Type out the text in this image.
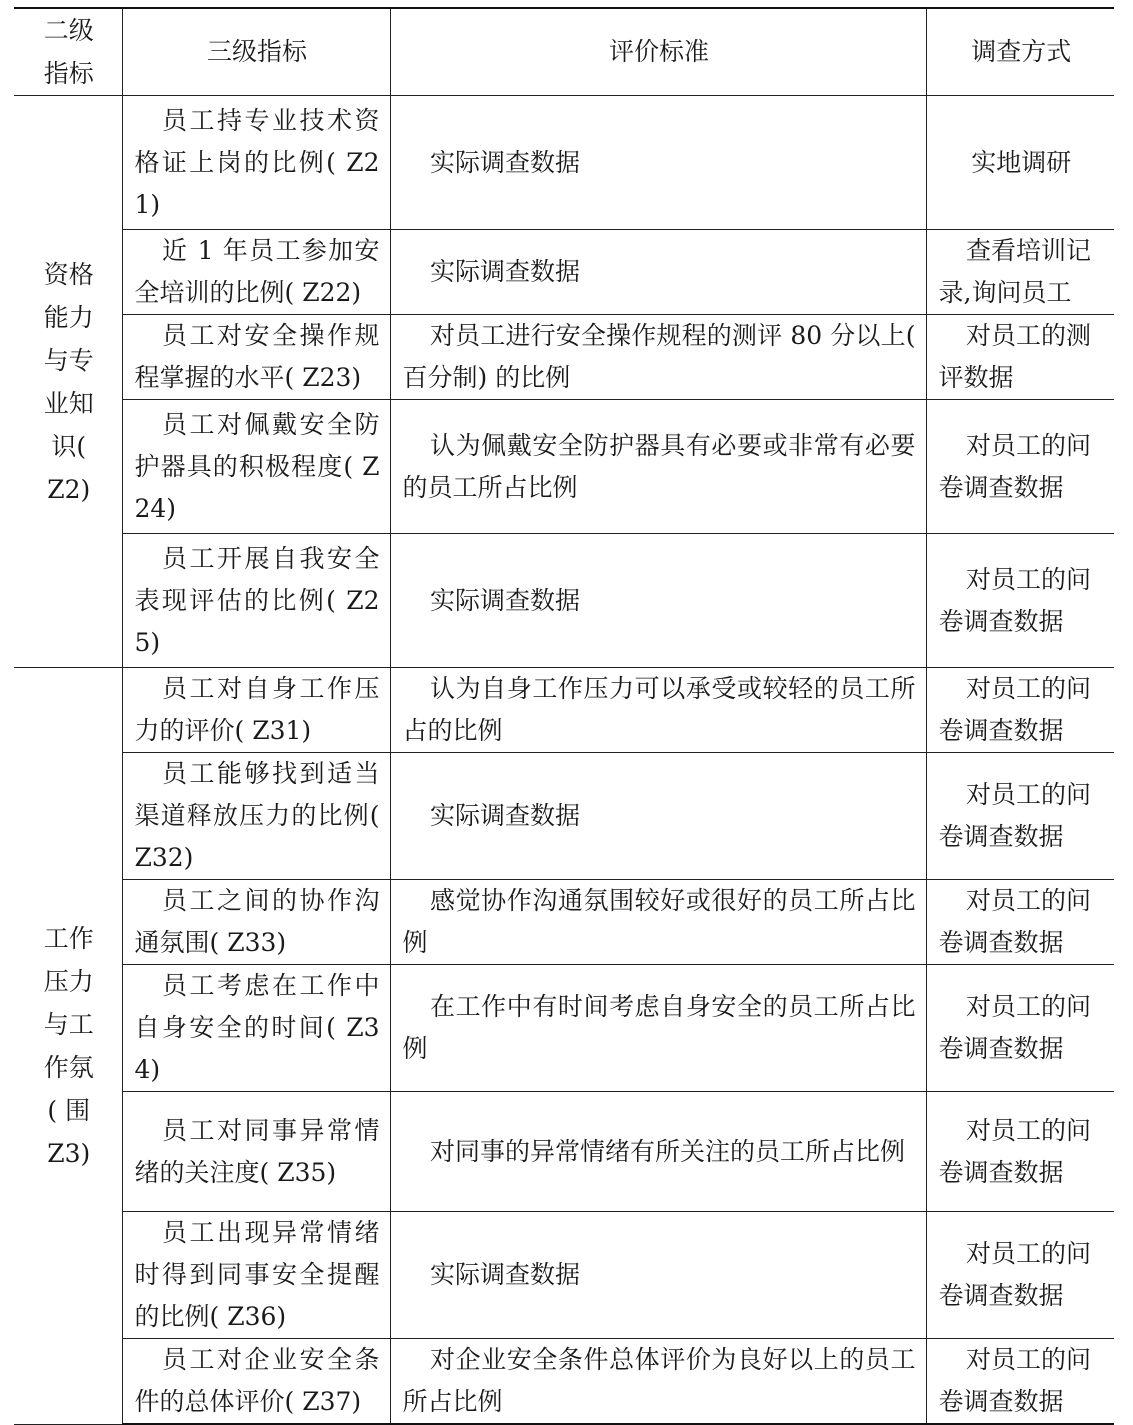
二级指标	三级指标	评价标准	调查方式

资格能力与专业知识( Z2)	员工持专业技术资格证上岗的比例( Z21)	实际调查数据	实地调研
	近 1 年员工参加安全培训的比例( Z22)	实际调查数据	查看培训记录,询问员工
	员工对安全操作规程掌握的水平( Z23)	对员工进行安全操作规程的测评 80 分以上( 百分制) 的比例	对员工的测评数据
	员工对佩戴安全防护器具的积极程度( Z24)	认为佩戴安全防护器具有必要或非常有必要的员工所占比例	对员工的问卷调查数据
	员工开展自我安全表现评估的比例( Z25)	实际调查数据	对员工的问卷调查数据

工作压力与工作氛( 围 Z3)	员工对自身工作压力的评价( Z31)	认为自身工作压力可以承受或较轻的员工所占的比例	对员工的问卷调查数据
	员工能够找到适当渠道释放压力的比例( Z32)	实际调查数据	对员工的问卷调查数据
	员工之间的协作沟通氛围( Z33)	感觉协作沟通氛围较好或很好的员工所占比例	对员工的问卷调查数据
	员工考虑在工作中自身安全的时间( Z34)	在工作中有时间考虑自身安全的员工所占比例	对员工的问卷调查数据
	员工对同事异常情绪的关注度( Z35)	对同事的异常情绪有所关注的员工所占比例	对员工的问卷调查数据
	员工出现异常情绪时得到同事安全提醒的比例( Z36)	实际调查数据	对员工的问卷调查数据
	员工对企业安全条件的总体评价( Z37)	对企业安全条件总体评价为良好以上的员工所占比例	对员工的问卷调查数据
